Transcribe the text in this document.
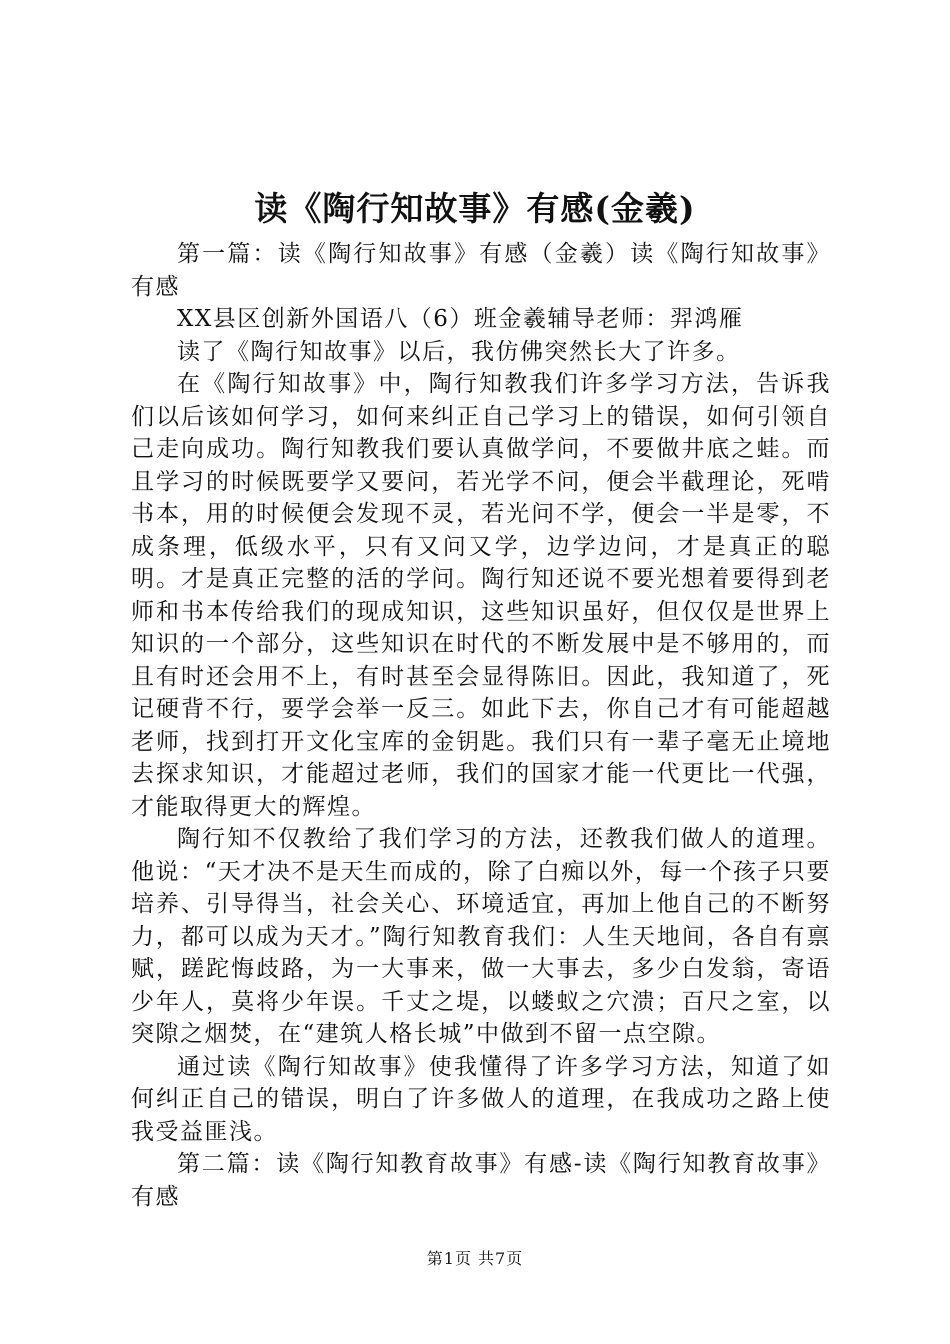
读《陶行知故事》有感(金羲)

第一篇：读《陶行知故事》有感（金羲）读《陶行知故事》有感

XX县区创新外国语八（6）班金羲辅导老师：羿鸿雁

读了《陶行知故事》以后，我仿佛突然长大了许多。

在《陶行知故事》中，陶行知教我们许多学习方法，告诉我们以后该如何学习，如何来纠正自己学习上的错误，如何引领自己走向成功。陶行知教我们要认真做学问，不要做井底之蛙。而且学习的时候既要学又要问，若光学不问，便会半截理论，死啃书本，用的时候便会发现不灵，若光问不学，便会一半是零，不成条理，低级水平，只有又问又学，边学边问，才是真正的聪明。才是真正完整的活的学问。陶行知还说不要光想着要得到老师和书本传给我们的现成知识，这些知识虽好，但仅仅是世界上知识的一个部分，这些知识在时代的不断发展中是不够用的，而且有时还会用不上，有时甚至会显得陈旧。因此，我知道了，死记硬背不行，要学会举一反三。如此下去，你自己才有可能超越老师，找到打开文化宝库的金钥匙。我们只有一辈子毫无止境地去探求知识，才能超过老师，我们的国家才能一代更比一代强，才能取得更大的辉煌。

陶行知不仅教给了我们学习的方法，还教我们做人的道理。他说：“天才决不是天生而成的，除了白痴以外，每一个孩子只要培养、引导得当，社会关心、环境适宜，再加上他自己的不断努力，都可以成为天才。”陶行知教育我们：人生天地间，各自有禀赋，蹉跎悔歧路，为一大事来，做一大事去，多少白发翁，寄语少年人，莫将少年误。千丈之堤，以蝼蚁之穴溃；百尺之室，以突隙之烟焚，在“建筑人格长城”中做到不留一点空隙。

通过读《陶行知故事》使我懂得了许多学习方法，知道了如何纠正自己的错误，明白了许多做人的道理，在我成功之路上使我受益匪浅。

第二篇：读《陶行知教育故事》有感-读《陶行知教育故事》有感

第1页 共7页
